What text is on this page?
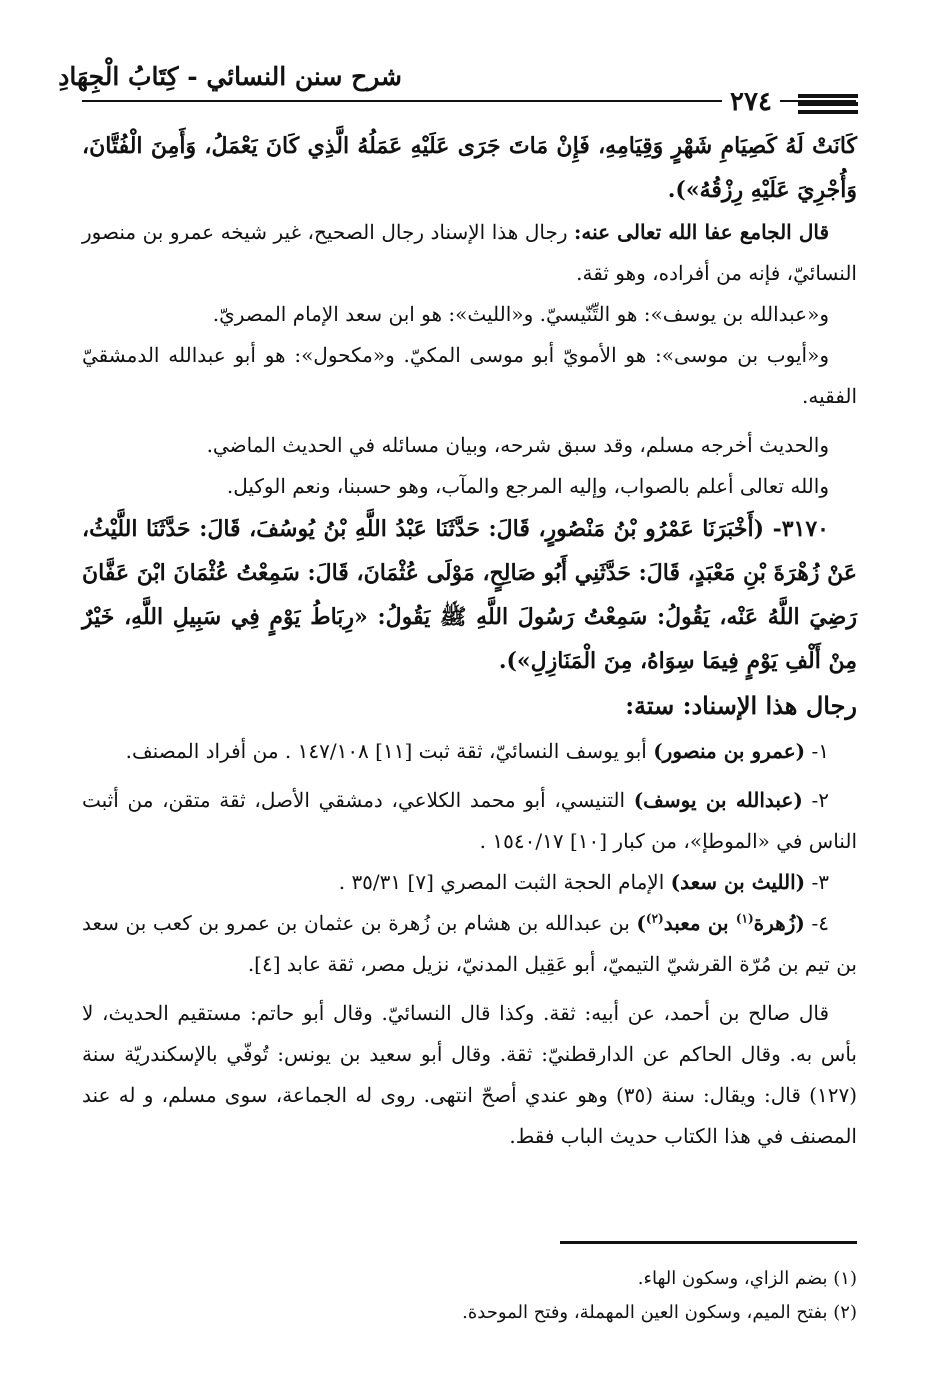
شرح سنن النسائي - كِتَابُ الْجِهَادِ
٢٧٤

كَانَتْ لَهُ كَصِيَامِ شَهْرٍ وَقِيَامِهِ، فَإِنْ مَاتَ جَرَى عَلَيْهِ عَمَلُهُ الَّذِي كَانَ يَعْمَلُ، وَأَمِنَ الْفُتَّانَ، وَأُجْرِيَ عَلَيْهِ رِزْقُهُ»).

قال الجامع عفا الله تعالى عنه: رجال هذا الإسناد رجال الصحيح، غير شيخه عمرو بن منصور النسائيّ، فإنه من أفراده، وهو ثقة.

و«عبدالله بن يوسف»: هو التِّنّيسيّ. و«الليث»: هو ابن سعد الإمام المصريّ.

و«أيوب بن موسى»: هو الأمويّ أبو موسى المكيّ. و«مكحول»: هو أبو عبدالله الدمشقيّ الفقيه.

والحديث أخرجه مسلم، وقد سبق شرحه، وبيان مسائله في الحديث الماضي.

والله تعالى أعلم بالصواب، وإليه المرجع والمآب، وهو حسبنا، ونعم الوكيل.

٣١٧٠- (أَخْبَرَنَا عَمْرُو بْنُ مَنْصُورٍ، قَالَ: حَدَّثَنَا عَبْدُ اللَّهِ بْنُ يُوسُفَ، قَالَ: حَدَّثَنَا اللَّيْثُ، عَنْ زُهْرَةَ بْنِ مَعْبَدٍ، قَالَ: حَدَّثَنِي أَبُو صَالِحٍ، مَوْلَى عُثْمَانَ، قَالَ: سَمِعْتُ عُثْمَانَ ابْنَ عَفَّانَ رَضِيَ اللَّهُ عَنْه، يَقُولُ: سَمِعْتُ رَسُولَ اللَّهِ ﷺ يَقُولُ: «رِبَاطُ يَوْمٍ فِي سَبِيلِ اللَّهِ، خَيْرٌ مِنْ أَلْفِ يَوْمٍ فِيمَا سِوَاهُ، مِنَ الْمَنَازِلِ»).

رجال هذا الإسناد: ستة:

١- (عمرو بن منصور) أبو يوسف النسائيّ، ثقة ثبت [١١] ١٤٧/١٠٨ . من أفراد المصنف.

٢- (عبدالله بن يوسف) التنيسي، أبو محمد الكلاعي، دمشقي الأصل، ثقة متقن، من أثبت الناس في «الموطإ»، من كبار [١٠] ١٥٤٠/١٧ .

٣- (الليث بن سعد) الإمام الحجة الثبت المصري [٧] ٣٥/٣١ .

٤- (زُهرة$^{(١)}$ بن معبد$^{(٢)}$) بن عبدالله بن هشام بن زُهرة بن عثمان بن عمرو بن كعب بن سعد بن تيم بن مُرّة القرشيّ التيميّ، أبو عَقِيل المدنيّ، نزيل مصر، ثقة عابد [٤].

قال صالح بن أحمد، عن أبيه: ثقة. وكذا قال النسائيّ. وقال أبو حاتم: مستقيم الحديث، لا بأس به. وقال الحاكم عن الدارقطنيّ: ثقة. وقال أبو سعيد بن يونس: تُوفّي بالإسكندريّة سنة (١٢٧) قال: ويقال: سنة (٣٥) وهو عندي أصحّ انتهى. روى له الجماعة، سوى مسلم، و له عند المصنف في هذا الكتاب حديث الباب فقط.

(١) بضم الزاي، وسكون الهاء.

(٢) بفتح الميم، وسكون العين المهملة، وفتح الموحدة.
